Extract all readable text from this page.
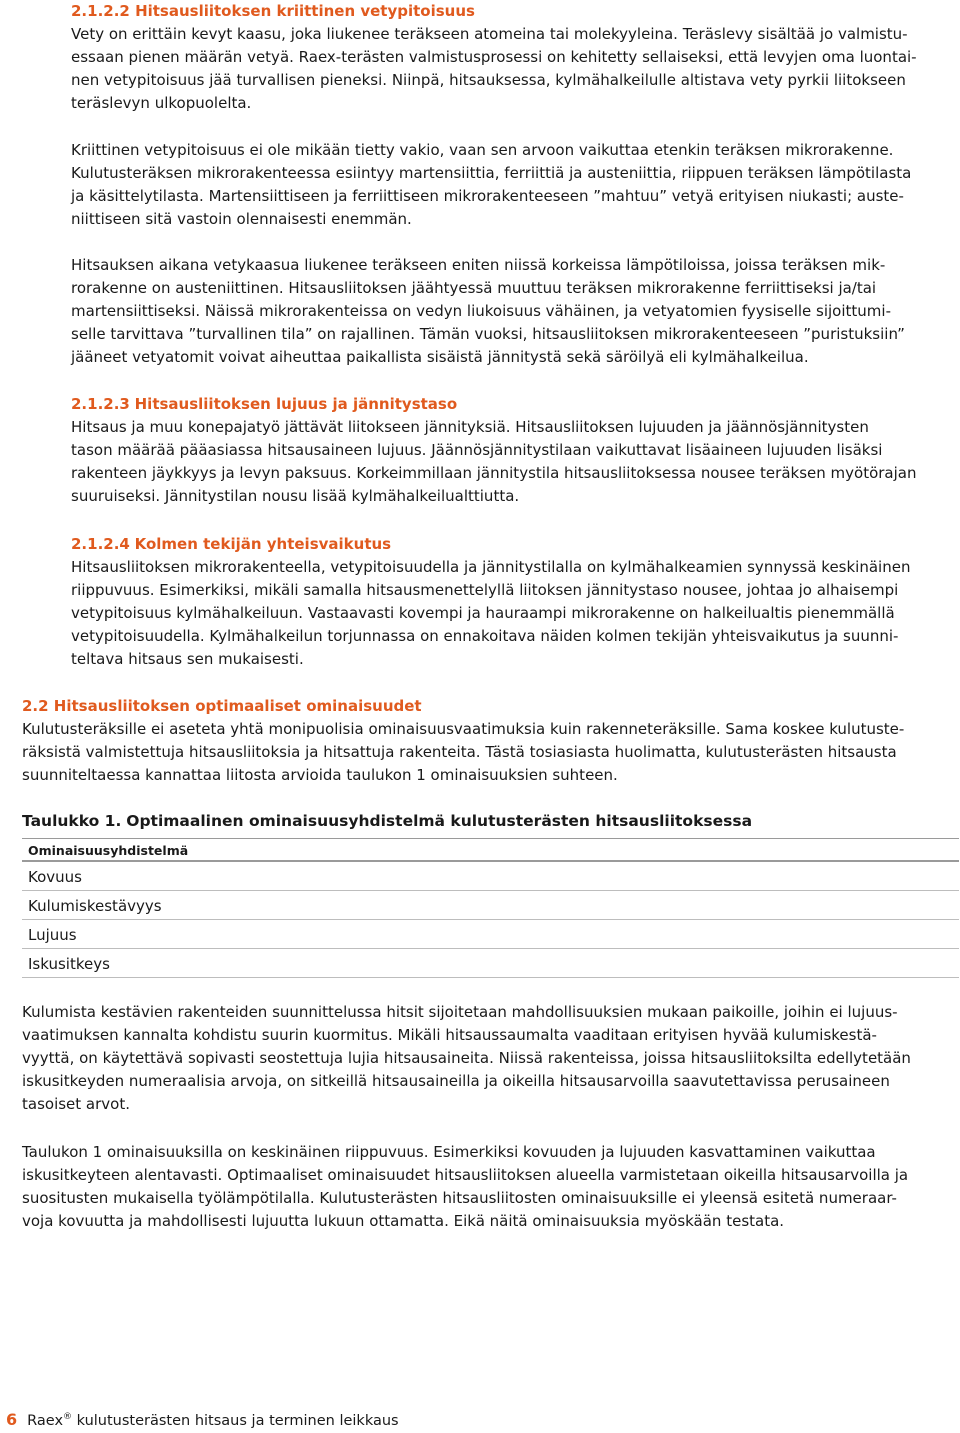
2.1.2.2 Hitsausliitoksen kriittinen vetypitoisuus

Vety on erittäin kevyt kaasu, joka liukenee teräkseen atomeina tai molekyyleina. Teräslevy sisältää jo valmistu-

essaan pienen määrän vetyä. Raex-terästen valmistusprosessi on kehitetty sellaiseksi, että levyjen oma luontai-

nen vetypitoisuus jää turvallisen pieneksi. Niinpä, hitsauksessa, kylmähalkeilulle altistava vety pyrkii liitokseen

teräslevyn ulkopuolelta.

Kriittinen vetypitoisuus ei ole mikään tietty vakio, vaan sen arvoon vaikuttaa etenkin teräksen mikrorakenne.

Kulutusteräksen mikrorakenteessa esiintyy martensiittia, ferriittiä ja austeniittia, riippuen teräksen lämpötilasta

ja käsittelytilasta. Martensiittiseen ja ferriittiseen mikrorakenteeseen ”mahtuu” vetyä erityisen niukasti; auste-

niittiseen sitä vastoin olennaisesti enemmän.

Hitsauksen aikana vetykaasua liukenee teräkseen eniten niissä korkeissa lämpötiloissa, joissa teräksen mik-

rorakenne on austeniittinen. Hitsausliitoksen jäähtyessä muuttuu teräksen mikrorakenne ferriittiseksi ja/tai

martensiittiseksi. Näissä mikrorakenteissa on vedyn liukoisuus vähäinen, ja vetyatomien fyysiselle sijoittumi-

selle tarvittava ”turvallinen tila” on rajallinen. Tämän vuoksi, hitsausliitoksen mikrorakenteeseen ”puristuksiin”

jääneet vetyatomit voivat aiheuttaa paikallista sisäistä jännitystä sekä säröilyä eli kylmähalkeilua.

2.1.2.3 Hitsausliitoksen lujuus ja jännitystaso

Hitsaus ja muu konepajatyö jättävät liitokseen jännityksiä. Hitsausliitoksen lujuuden ja jäännösjännitysten

tason määrää pääasiassa hitsausaineen lujuus. Jäännösjännitystilaan vaikuttavat lisäaineen lujuuden lisäksi

rakenteen jäykkyys ja levyn paksuus. Korkeimmillaan jännitystila hitsausliitoksessa nousee teräksen myötörajan

suuruiseksi. Jännitystilan nousu lisää kylmähalkeilualttiutta.

2.1.2.4 Kolmen tekijän yhteisvaikutus

Hitsausliitoksen mikrorakenteella, vetypitoisuudella ja jännitystilalla on kylmähalkeamien synnyssä keskinäinen

riippuvuus. Esimerkiksi, mikäli samalla hitsausmenettelyllä liitoksen jännitystaso nousee, johtaa jo alhaisempi

vetypitoisuus kylmähalkeiluun. Vastaavasti kovempi ja hauraampi mikrorakenne on halkeilualtis pienemmällä

vetypitoisuudella. Kylmähalkeilun torjunnassa on ennakoitava näiden kolmen tekijän yhteisvaikutus ja suunni-

teltava hitsaus sen mukaisesti.

2.2 Hitsausliitoksen optimaaliset ominaisuudet

Kulutusteräksille ei aseteta yhtä monipuolisia ominaisuusvaatimuksia kuin rakenneteräksille. Sama koskee kulutuste-

räksistä valmistettuja hitsausliitoksia ja hitsattuja rakenteita. Tästä tosiasiasta huolimatta, kulutusterästen hitsausta

suunniteltaessa kannattaa liitosta arvioida taulukon 1 ominaisuuksien suhteen.

Taulukko 1. Optimaalinen ominaisuusyhdistelmä kulutusterästen hitsausliitoksessa

Ominaisuusyhdistelmä
Kovuus
Kulumiskestävyys
Lujuus
Iskusitkeys

Kulumista kestävien rakenteiden suunnittelussa hitsit sijoitetaan mahdollisuuksien mukaan paikoille, joihin ei lujuus-

vaatimuksen kannalta kohdistu suurin kuormitus. Mikäli hitsaussaumalta vaaditaan erityisen hyvää kulumiskestä-

vyyttä, on käytettävä sopivasti seostettuja lujia hitsausaineita. Niissä rakenteissa, joissa hitsausliitoksilta edellytetään

iskusitkeyden numeraalisia arvoja, on sitkeillä hitsausaineilla ja oikeilla hitsausarvoilla saavutettavissa perusaineen

tasoiset arvot.

Taulukon 1 ominaisuuksilla on keskinäinen riippuvuus. Esimerkiksi kovuuden ja lujuuden kasvattaminen vaikuttaa

iskusitkeyteen alentavasti. Optimaaliset ominaisuudet hitsausliitoksen alueella varmistetaan oikeilla hitsausarvoilla ja

suositusten mukaisella työlämpötilalla. Kulutusterästen hitsausliitosten ominaisuuksille ei yleensä esitetä numeraar-

voja kovuutta ja mahdollisesti lujuutta lukuun ottamatta. Eikä näitä ominaisuuksia myöskään testata.

6 Raex® kulutusterästen hitsaus ja terminen leikkaus
